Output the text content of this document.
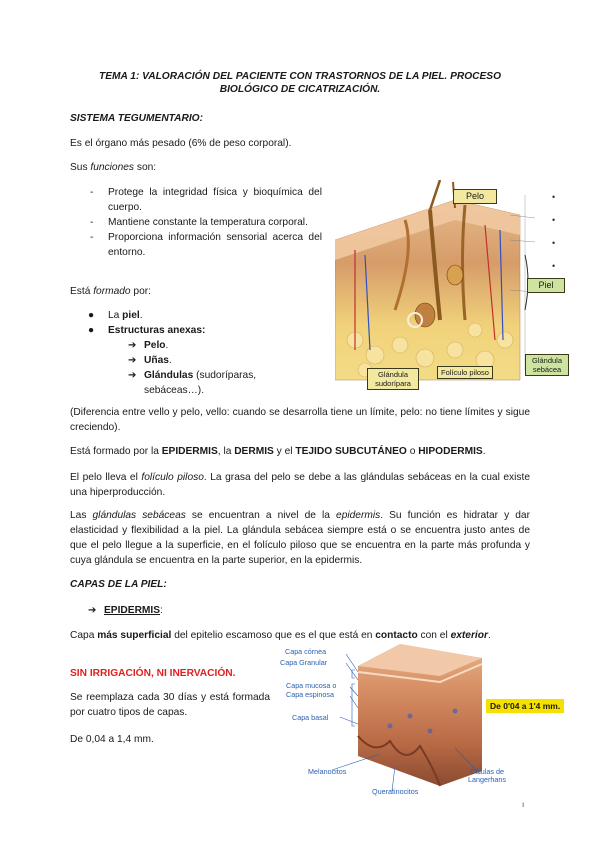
TEMA 1: VALORACIÓN DEL PACIENTE CON TRASTORNOS DE LA PIEL. PROCESO BIOLÓGICO DE CICATRIZACIÓN.
SISTEMA TEGUMENTARIO:
Es el órgano más pesado (6% de peso corporal).
Sus funciones son:
-	Protege la integridad física y bioquímica del cuerpo.
-	Mantiene constante la temperatura corporal.
-	Proporciona información sensorial acerca del entorno.
Está formado por:
● La piel.
● Estructuras anexas:
➔ Pelo.
➔ Uñas.
➔ Glándulas (sudoríparas, sebáceas…).
Pelo
Piel
Glándula sudorípara
Folículo piloso
Glándula sebácea
•
•
•
•
(Diferencia entre vello y pelo, vello: cuando se desarrolla tiene un límite, pelo: no tiene límites y sigue creciendo).
Está formado por la EPIDERMIS, la DERMIS y el TEJIDO SUBCUTÁNEO o HIPODERMIS.
El pelo lleva el folículo piloso. La grasa del pelo se debe a las glándulas sebáceas en la cual existe una hiperproducción.
Las glándulas sebáceas se encuentran a nivel de la epidermis. Su función es hidratar y dar elasticidad y flexibilidad a la piel. La glándula sebácea siempre está o se encuentra justo antes de que el pelo llegue a la superficie, en el folículo piloso que se encuentra en la parte más profunda y cuya glándula se encuentra en la parte superior, en la epidermis.
CAPAS DE LA PIEL:
➔ EPIDERMIS:
Capa más superficial del epitelio escamoso que es el que está en contacto con el exterior.
SIN IRRIGACIÓN, NI INERVACIÓN.
Se reemplaza cada 30 días y está formada por cuatro tipos de capas.
De 0,04 a 1,4 mm.
Capa córnea
Capa Granular
Capa mucosa o
Capa espinosa
Capa basal
Melanocitos
Queratinocitos
Células de
Langerhans
De 0'04 a 1'4 mm.
ı
